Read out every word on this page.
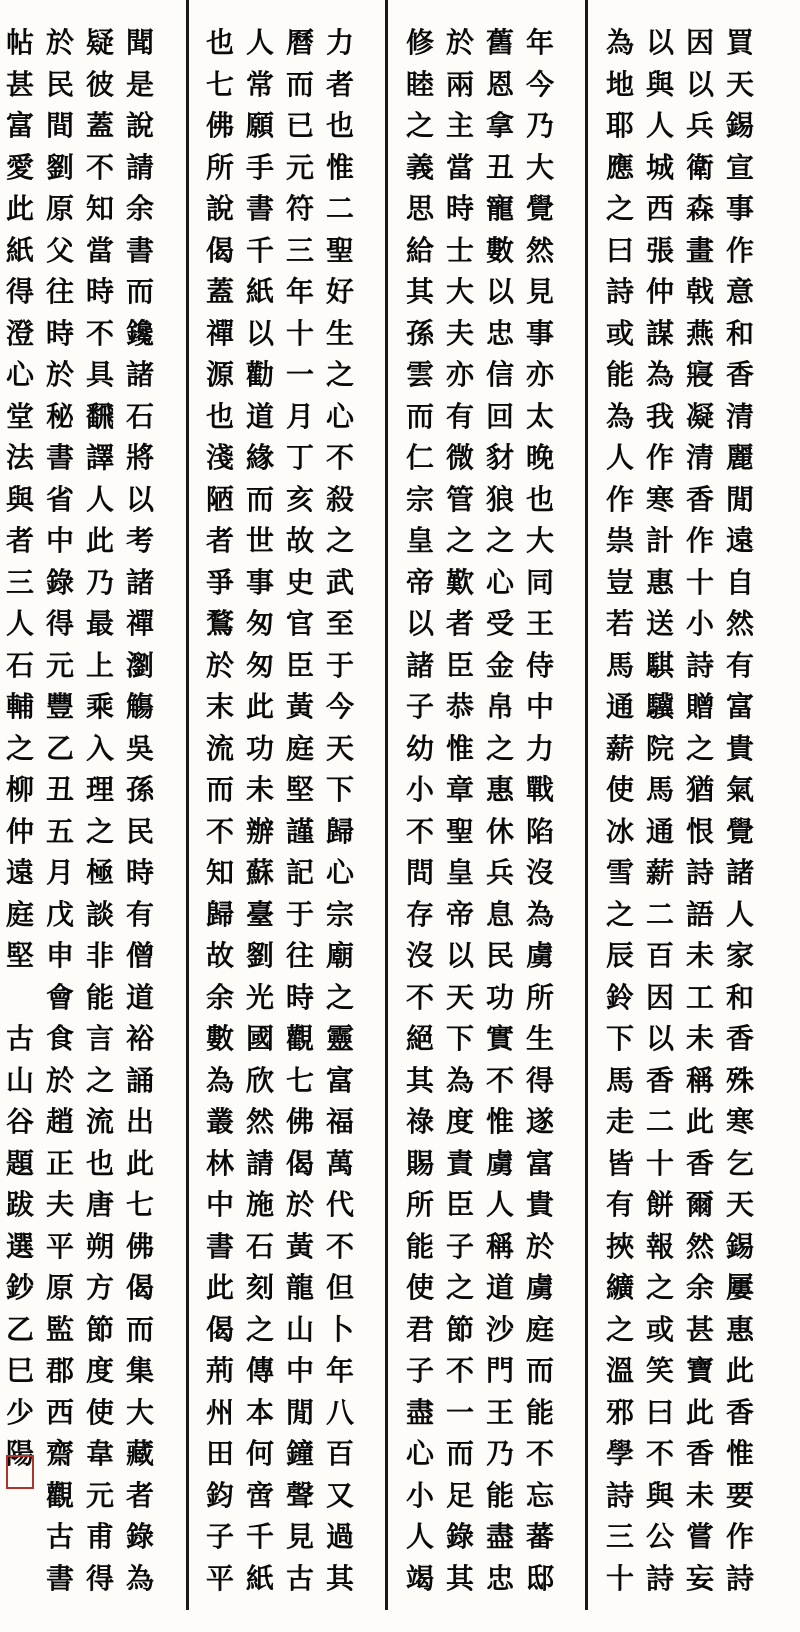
買
天
錫
宣
事
作
意
和
香
清
麗
閒
遠
自
然
有
富
貴
氣
覺
諸
人
家
和
香
殊
寒
乞
天
錫
屢
惠
此
香
惟
要
作
詩
因
以
兵
衛
森
畫
戟
燕
寢
凝
清
香
作
十
小
詩
贈
之
猶
恨
詩
語
未
工
未
稱
此
香
爾
然
余
甚
寶
此
香
未
嘗
妄
以
與
人
城
西
張
仲
謀
為
我
作
寒
計
惠
送
騏
驥
院
馬
通
薪
二
百
因
以
香
二
十
餅
報
之
或
笑
曰
不
與
公
詩
為
地
耶
應
之
曰
詩
或
能
為
人
作
祟
豈
若
馬
通
薪
使
冰
雪
之
辰
鈴
下
馬
走
皆
有
挾
纊
之
溫
邪
學
詩
三
十
年
今
乃
大
覺
然
見
事
亦
太
晚
也
大
同
王
侍
中
力
戰
陷
沒
為
虜
所
生
得
遂
富
貴
於
虜
庭
而
能
不
忘
蕃
邸
舊
恩
拿
丑
寵
數
以
忠
信
回
豺
狼
之
心
受
金
帛
之
惠
休
兵
息
民
功
實
不
惟
虜
人
稱
道
沙
門
王
乃
能
盡
忠
於
兩
主
當
時
士
大
夫
亦
有
微
管
之
歎
者
臣
恭
惟
章
聖
皇
帝
以
天
下
為
度
責
臣
子
之
節
不
一
而
足
錄
其
修
睦
之
義
思
給
其
孫
雲
而
仁
宗
皇
帝
以
諸
子
幼
小
不
問
存
沒
不
絕
其
祿
賜
所
能
使
君
子
盡
心
小
人
竭
力
者
也
惟
二
聖
好
生
之
心
不
殺
之
武
至
于
今
天
下
歸
心
宗
廟
之
靈
富
福
萬
代
不
但
卜
年
八
百
又
過
其
曆
而
已
元
符
三
年
十
一
月
丁
亥
故
史
官
臣
黃
庭
堅
謹
記
于
往
時
觀
七
佛
偈
於
黃
龍
山
中
閒
鐘
聲
見
古
人
常
願
手
書
千
紙
以
勸
道
緣
而
世
事
匆
匆
此
功
未
辦
蘇
臺
劉
光
國
欣
然
請
施
石
刻
之
傳
本
何
啻
千
紙
也
七
佛
所
說
偈
蓋
禪
源
也
淺
陋
者
爭
鶩
於
末
流
而
不
知
歸
故
余
數
為
叢
林
中
書
此
偈
荊
州
田
鈞
子
平
聞
是
說
請
余
書
而
鑱
諸
石
將
以
考
諸
禪
瀏
觴
吳
孫
民
時
有
僧
道
裕
誦
出
此
七
佛
偈
而
集
大
藏
者
錄
為
疑
彼
蓋
不
知
當
時
不
具
飜
譯
人
此
乃
最
上
乘
入
理
之
極
談
非
能
言
之
流
也
唐
朔
方
節
度
使
韋
元
甫
得
於
民
間
劉
原
父
往
時
於
秘
書
省
中
錄
得
元
豐
乙
丑
五
月
戊
申
會
食
於
趙
正
夫
平
原
監
郡
西
齋
觀
古
書
帖
甚
富
愛
此
紙
得
澄
心
堂
法
與
者
三
人
石
輔
之
柳
仲
遠
庭
堅
古
山
谷
題
跋
選
鈔
乙
巳
少
陽
